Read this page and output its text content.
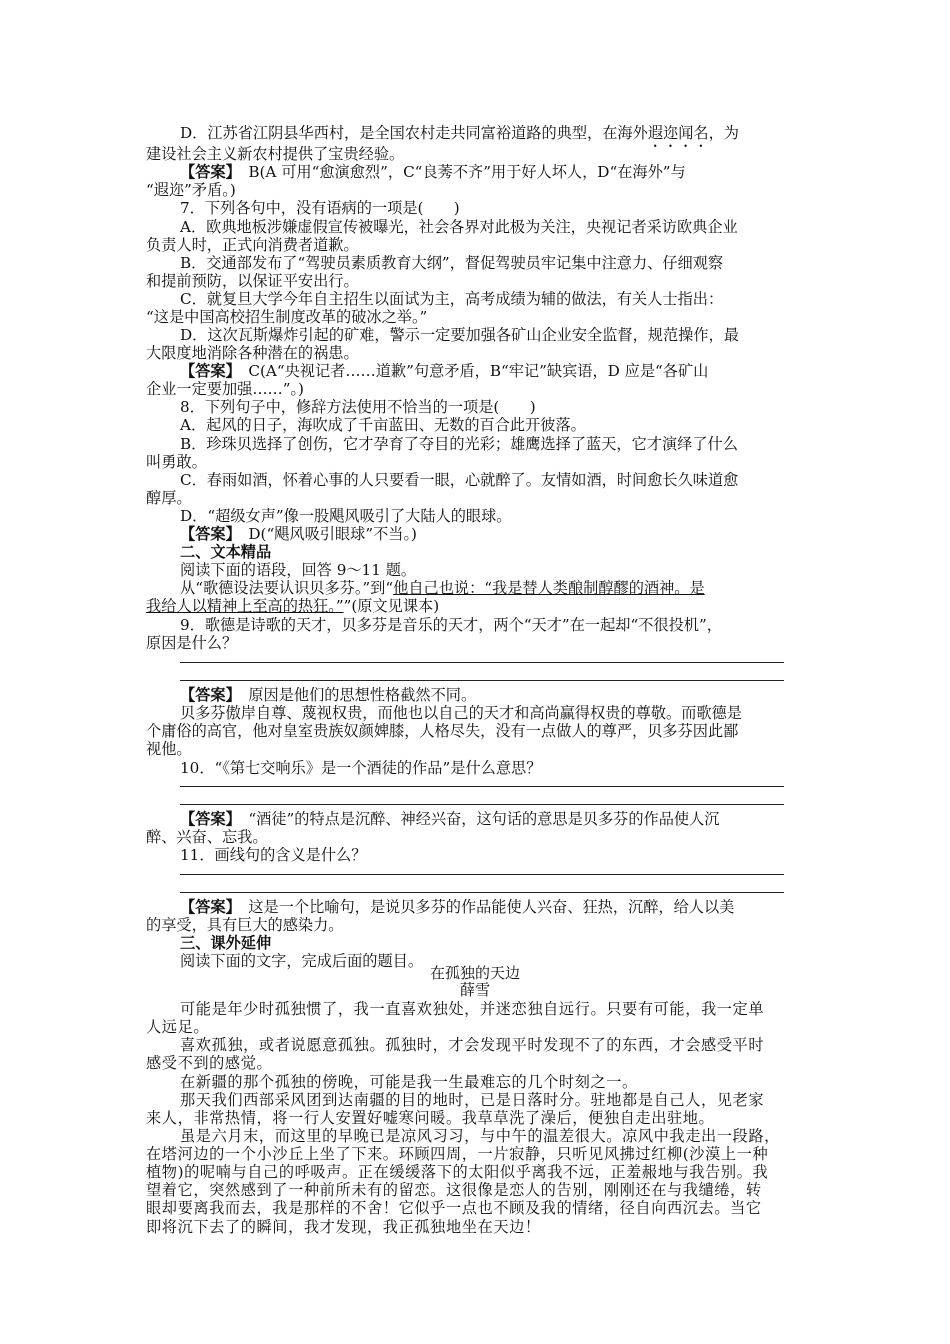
D．江苏省江阴县华西村，是全国农村走共同富裕道路的典型，在海外遐迩闻名，为
建设社会主义新农村提供了宝贵经验。
【答案】　 B(A 可用“愈演愈烈”，C“良莠不齐”用于好人坏人，D“在海外”与
“遐迩”矛盾。)
7．下列各句中，没有语病的一项是(　　)
A．欧典地板涉嫌虚假宣传被曝光，社会各界对此极为关注，央视记者采访欧典企业
负责人时，正式向消费者道歉。
B．交通部发布了“驾驶员素质教育大纲”，督促驾驶员牢记集中注意力、仔细观察
和提前预防，以保证平安出行。
C．就复旦大学今年自主招生以面试为主，高考成绩为辅的做法，有关人士指出：
“这是中国高校招生制度改革的破冰之举。”
D．这次瓦斯爆炸引起的矿难，警示一定要加强各矿山企业安全监督，规范操作，最
大限度地消除各种潜在的祸患。
【答案】　 C(A“央视记者……道歉”句意矛盾，B“牢记”缺宾语，D 应是“各矿山
企业一定要加强……”。)
8．下列句子中，修辞方法使用不恰当的一项是(　　)
A．起风的日子，海吹成了千亩蓝田、无数的百合此开彼落。
B．珍珠贝选择了创伤，它才孕育了夺目的光彩；雄鹰选择了蓝天，它才演绎了什么
叫勇敢。
C．春雨如酒，怀着心事的人只要看一眼，心就醉了。友情如酒，时间愈长久味道愈
醇厚。
D．“超级女声”像一股飓风吸引了大陆人的眼球。
【答案】　 D(“飓风吸引眼球”不当。)
二、文本精品
阅读下面的语段，回答 9～11 题。
从“歌德设法要认识贝多芬。”到“他自己也说：“我是替人类酿制醇醪的酒神。是
我给人以精神上至高的热狂。””(原文见课本)
9．歌德是诗歌的天才，贝多芬是音乐的天才，两个“天才”在一起却“不很投机”，
原因是什么？
【答案】　 原因是他们的思想性格截然不同。
贝多芬傲岸自尊、蔑视权贵，而他也以自己的天才和高尚赢得权贵的尊敬。而歌德是
个庸俗的高官，他对皇室贵族奴颜婢膝，人格尽失，没有一点做人的尊严，贝多芬因此鄙
视他。
10．“《第七交响乐》是一个酒徒的作品”是什么意思？
【答案】　 “酒徒”的特点是沉醉、神经兴奋，这句话的意思是贝多芬的作品使人沉
醉、兴奋、忘我。
11．画线句的含义是什么？
【答案】　 这是一个比喻句，是说贝多芬的作品能使人兴奋、狂热，沉醉，给人以美
的享受，具有巨大的感染力。
三、课外延伸
阅读下面的文字，完成后面的题目。
在孤独的天边
薛雪
可能是年少时孤独惯了，我一直喜欢独处，并迷恋独自远行。只要有可能，我一定单
人远足。
喜欢孤独，或者说愿意孤独。孤独时，才会发现平时发现不了的东西，才会感受平时
感受不到的感觉。
在新疆的那个孤独的傍晚，可能是我一生最难忘的几个时刻之一。
那天我们西部采风团到达南疆的目的地时，已是日落时分。驻地都是自己人，见老家
来人，非常热情，将一行人安置好嘘寒问暖。我草草洗了澡后，便独自走出驻地。
虽是六月末，而这里的早晚已是凉风习习，与中午的温差很大。凉风中我走出一段路，
在塔河边的一个小沙丘上坐了下来。环顾四周，一片寂静，只听见风拂过红柳(沙漠上一种
植物)的呢喃与自己的呼吸声。正在缓缓落下的太阳似乎离我不远，正羞赧地与我告别。我
望着它，突然感到了一种前所未有的留恋。这很像是恋人的告别，刚刚还在与我缱绻，转
眼却要离我而去，我是那样的不舍！它似乎一点也不顾及我的情绪，径自向西沉去。当它
即将沉下去了的瞬间，我才发现，我正孤独地坐在天边！
